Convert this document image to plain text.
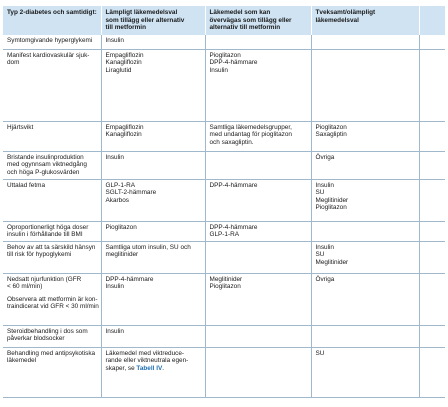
Typ 2-diabetes och samtidigt:	Lämpligt läkemedelsval
som tillägg eller alternativ
till metformin	Läkemedel som kan
övervägas som tillägg eller
alternativ till metformin	Tveksamt/olämpligt
läkemedelsval	

Symtomgivande hyperglykemi	Insulin			

Manifest kardiovaskulär sjuk-
dom	Empagliflozin
Kanagliflozin
Liraglutid	Pioglitazon
DPP-4-hämmare
Insulin		

Hjärtsvikt	Empagliflozin
Kanagliflozin	Samtliga läkemedelsgrupper,
med undantag för pioglitazon
och saxagliptin.	Pioglitazon
Saxagliptin	

Bristande insulinproduktion
med ogynnsam viktnedgång
och höga P-glukosvärden	Insulin		Övriga	

Uttalad fetma	GLP-1-RA
SGLT-2-hämmare
Akarbos	DPP-4-hämmare	Insulin
SU
Meglitinider
Pioglitazon	

Oproportionerligt höga doser
insulin i förhållande till BMI	Pioglitazon	DPP-4-hämmare
GLP-1-RA		

Behov av att ta särskild hänsyn
till risk för hypoglykemi	Samtliga utom insulin, SU och
meglitinider		Insulin
SU
Meglitinider	

Nedsatt njurfunktion (GFR
< 60 ml/min)
Observera att metformin är kon-
traindicerat vid GFR < 30 ml/min	DPP-4-hämmare
Insulin	Meglitinider
Pioglitazon	Övriga	

Steroidbehandling i dos som
påverkar blodsocker	Insulin			

Behandling med antipsykotiska
läkemedel	Läkemedel med viktreduce-
rande eller viktneutrala egen-
skaper, se Tabell IV.		SU	
